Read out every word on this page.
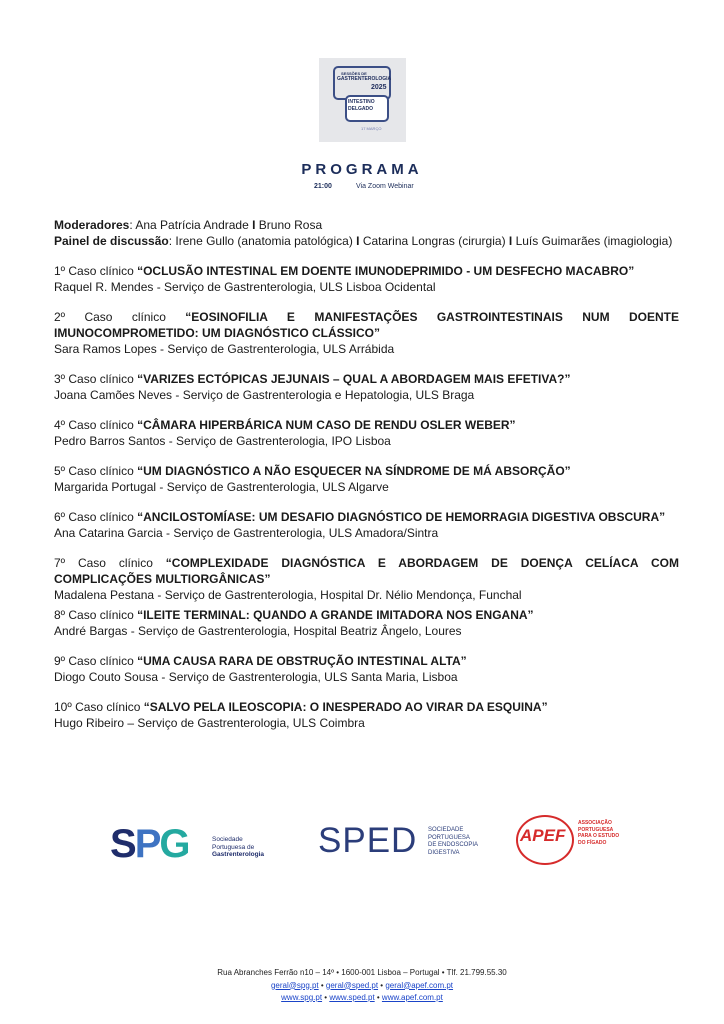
SESSÕES DE
GASTRENTEROLOGIA
2025
INTESTINO
DELGADO
17 MARÇO
PROGRAMA
21:00	Via Zoom Webinar

Moderadores: Ana Patrícia Andrade I Bruno Rosa

Painel de discussão: Irene Gullo (anatomia patológica) I Catarina Longras (cirurgia) I Luís Guimarães (imagiologia)

1º Caso clínico “OCLUSÃO INTESTINAL EM DOENTE IMUNODEPRIMIDO - UM DESFECHO MACABRO”

Raquel R. Mendes - Serviço de Gastrenterologia, ULS Lisboa Ocidental

2º Caso clínico “EOSINOFILIA E MANIFESTAÇÕES GASTROINTESTINAIS NUM DOENTE IMUNOCOMPROMETIDO: UM DIAGNÓSTICO CLÁSSICO”

Sara Ramos Lopes - Serviço de Gastrenterologia, ULS Arrábida

3º Caso clínico “VARIZES ECTÓPICAS JEJUNAIS – QUAL A ABORDAGEM MAIS EFETIVA?”

Joana Camões Neves - Serviço de Gastrenterologia e Hepatologia, ULS Braga

4º Caso clínico “CÂMARA HIPERBÁRICA NUM CASO DE RENDU OSLER WEBER”

Pedro Barros Santos - Serviço de Gastrenterologia, IPO Lisboa

5º Caso clínico “UM DIAGNÓSTICO A NÃO ESQUECER NA SÍNDROME DE MÁ ABSORÇÃO”

Margarida Portugal - Serviço de Gastrenterologia, ULS Algarve

6º Caso clínico “ANCILOSTOMÍASE: UM DESAFIO DIAGNÓSTICO DE HEMORRAGIA DIGESTIVA OBSCURA”

Ana Catarina Garcia - Serviço de Gastrenterologia, ULS Amadora/Sintra

7º Caso clínico “COMPLEXIDADE DIAGNÓSTICA E ABORDAGEM DE DOENÇA CELÍACA COM COMPLICAÇÕES MULTIORGÂNICAS”

Madalena Pestana - Serviço de Gastrenterologia, Hospital Dr. Nélio Mendonça, Funchal

8º Caso clínico “ILEITE TERMINAL: QUANDO A GRANDE IMITADORA NOS ENGANA”

André Bargas - Serviço de Gastrenterologia, Hospital Beatriz Ângelo, Loures

9º Caso clínico “UMA CAUSA RARA DE OBSTRUÇÃO INTESTINAL ALTA”

Diogo Couto Sousa - Serviço de Gastrenterologia, ULS Santa Maria, Lisboa

10º Caso clínico “SALVO PELA ILEOSCOPIA: O INESPERADO AO VIRAR DA ESQUINA”

Hugo Ribeiro – Serviço de Gastrenterologia, ULS Coimbra

SPG	Sociedade
Portuguesa de
Gastrenterologia SPED SOCIEDADE
PORTUGUESA
DE ENDOSCOPIA
DIGESTIVA
APEF
ASSOCIAÇÃO
PORTUGUESA
PARA O ESTUDO
DO FÍGADO
Rua Abranches Ferrão n10 – 14º • 1600-001 Lisboa – Portugal • Tlf. 21.799.55.30
geral@spg.pt • geral@sped.pt • geral@apef.com.pt
www.spg.pt • www.sped.pt • www.apef.com.pt
